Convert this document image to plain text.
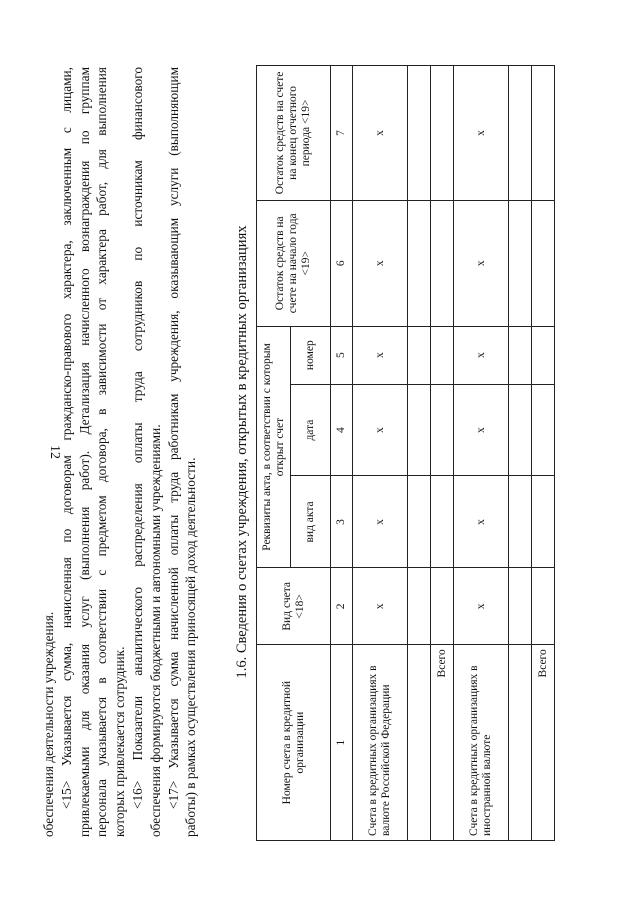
12
обеспечения деятельности учреждения. <15> Указывается сумма, начисленная по договорам гражданско-правового характера, заключенным с лицами, привлекаемыми для оказания услуг (выполнения работ). Детализация начисленного вознаграждения по группам персонала указывается в соответствии с предметом договора, в зависимости от характера работ, для выполнения которых привлекается сотрудник. <16> Показатели аналитического распределения оплаты труда сотрудников по источникам финансового обеспечения формируются бюджетными и автономными учреждениями. <17> Указывается сумма начисленной оплаты труда работникам учреждения, оказывающим услуги (выполняющим работы) в рамках осуществления приносящей доход деятельности. 1.6. Сведения о счетах учреждения, открытых в кредитных организациях
Номер счета в кредитной организации	Вид счета <18>	Реквизиты акта, в соответствии с которым открыт счет			Остаток средств на счете на начало года <19>	Остаток средств на счете на конец отчетного периода <19>
		вид акта	дата	номер		
1	2	3	4	5	6	7
Счета в кредитных организациях в валюте Российской Федерации	x	x	x	x	x	x

Всего						
Счета в кредитных организациях в иностранной валюте	x	x	x	x	x	x

Всего						
